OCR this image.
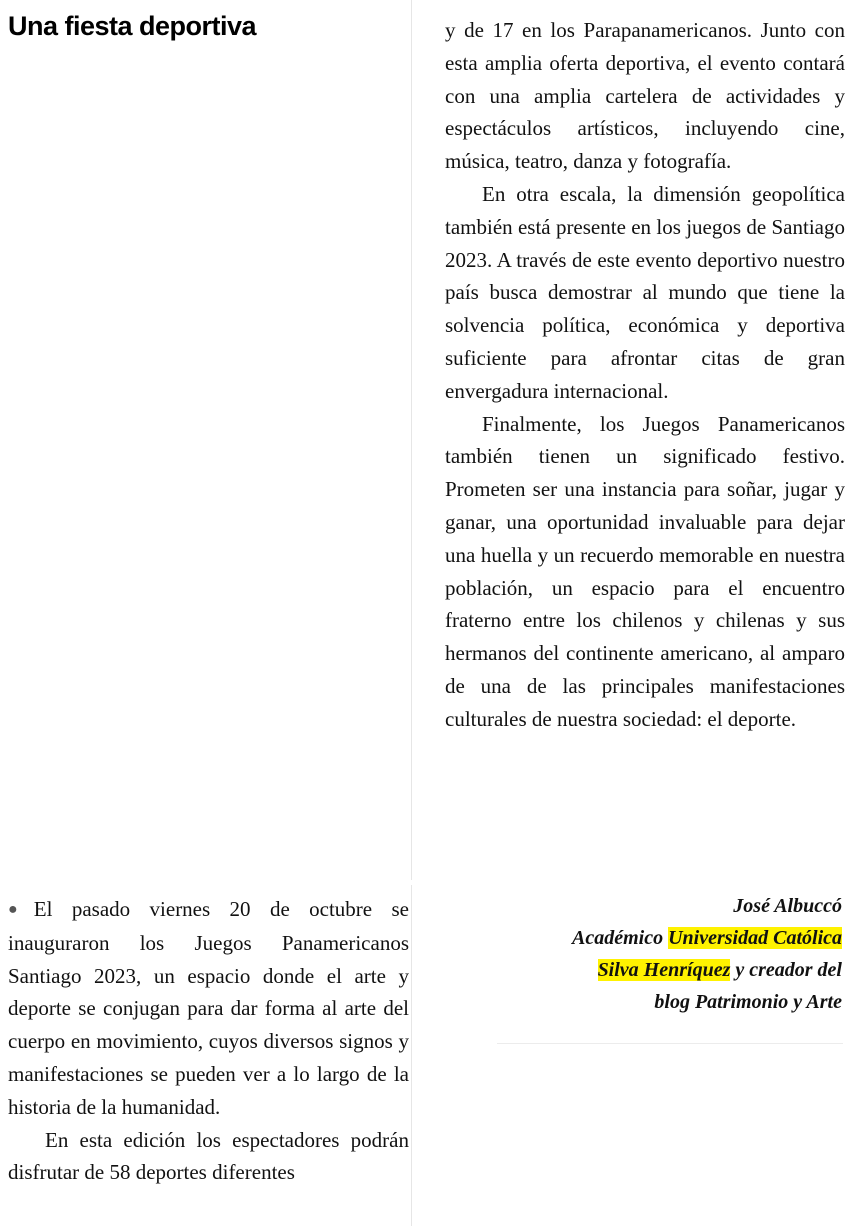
Una fiesta deportiva	y de 17 en los Parapanamericanos. Junto con esta amplia oferta deportiva, el evento contará con una amplia cartelera de actividades y espectáculos artísticos, incluyendo cine, música, teatro, danza y fotografía.

En otra escala, la dimensión geopolítica también está presente en los juegos de Santiago 2023. A través de este evento deportivo nuestro país busca demostrar al mundo que tiene la solvencia política, económica y deportiva suficiente para afrontar citas de gran envergadura internacional.

Finalmente, los Juegos Panamericanos también tienen un significado festivo. Prometen ser una instancia para soñar, jugar y ganar, una oportunidad invaluable para dejar una huella y un recuerdo memorable en nuestra población, un espacio para el encuentro fraterno entre los chilenos y chilenas y sus hermanos del continente americano, al amparo de una de las principales manifestaciones culturales de nuestra sociedad: el deporte.

José Albuccó

Académico Universidad Católica

Silva Henríquez y creador del

blog Patrimonio y Arte

●El pasado viernes 20 de octubre se inauguraron los Juegos Panamericanos Santiago 2023, un espacio donde el arte y deporte se conjugan para dar forma al arte del cuerpo en movimiento, cuyos diversos signos y manifestaciones se pueden ver a lo largo de la historia de la humanidad.

En esta edición los espectadores podrán disfrutar de 58 deportes diferentes
